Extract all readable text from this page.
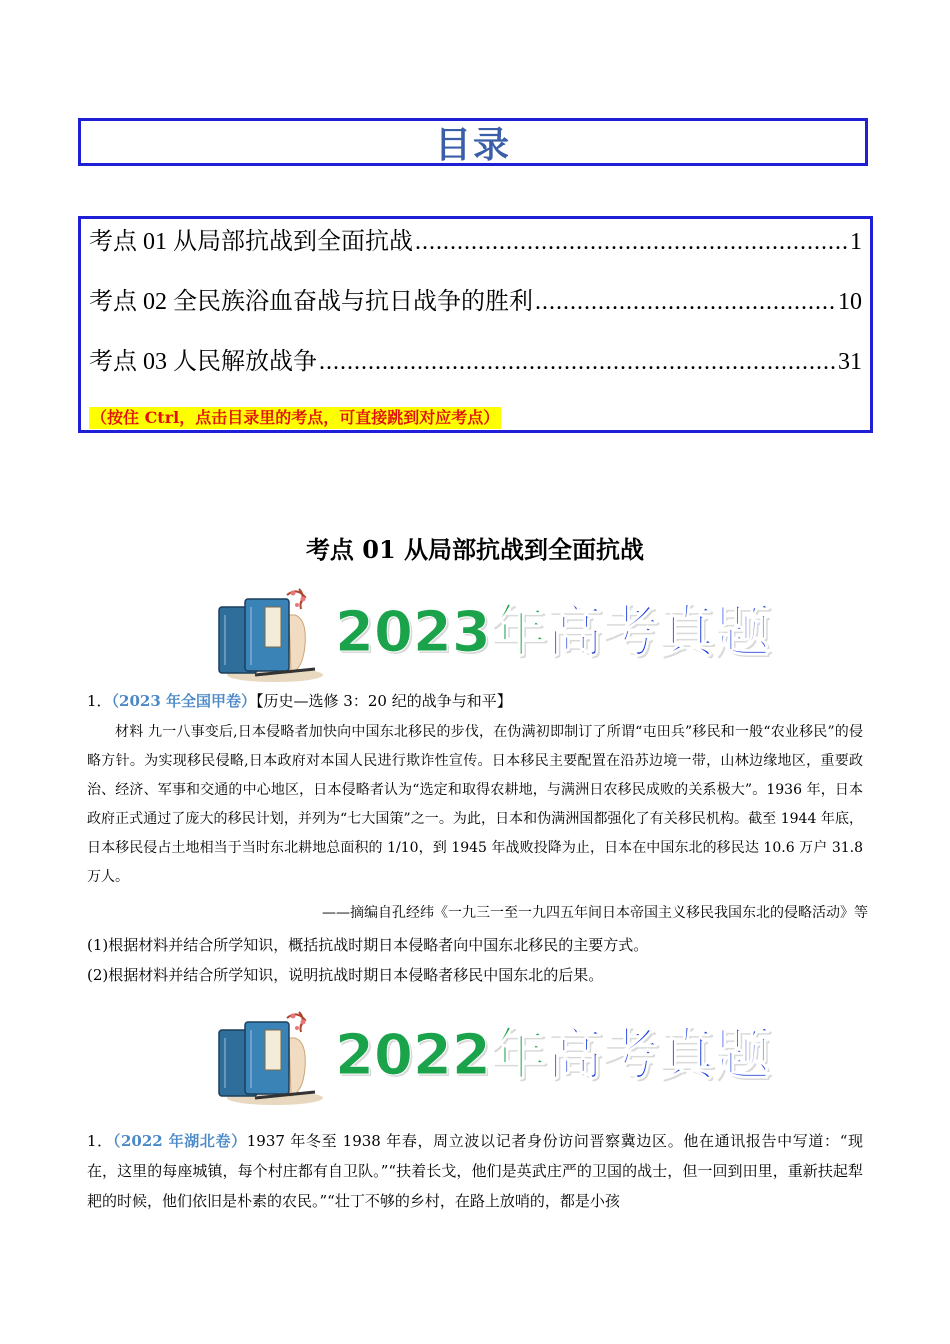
目录
考点 01 从局部抗战到全面抗战 .....	1
考点 02 全民族浴血奋战与抗日战争的胜利 .....	10
考点 03 人民解放战争 .....	31
（按住 Ctrl，点击目录里的考点，可直接跳到对应考点）
考点 01 从局部抗战到全面抗战
2023年高考真题
1．（2023 年全国甲卷）【历史—选修 3：20 纪的战争与和平】
材料 九一八事变后,日本侵略者加快向中国东北移民的步伐，在伪满初即制订了所谓“屯田兵”移民和一般“农业移民”的侵略方针。为实现移民侵略,日本政府对本国人民进行欺诈性宣传。日本移民主要配置在沿苏边境一带，山林边缘地区，重要政治、经济、军事和交通的中心地区，日本侵略者认为“选定和取得农耕地，与满洲日农移民成败的关系极大”。1936 年，日本政府正式通过了庞大的移民计划，并列为“七大国策”之一。为此，日本和伪满洲国都强化了有关移民机构。截至 1944 年底，日本移民侵占土地相当于当时东北耕地总面积的 1/10，到 1945 年战败投降为止，日本在中国东北的移民达 10.6 万户 31.8 万人。
——摘编自孔经纬《一九三一至一九四五年间日本帝国主义移民我国东北的侵略活动》等
(1)根据材料并结合所学知识，概括抗战时期日本侵略者向中国东北移民的主要方式。
(2)根据材料并结合所学知识，说明抗战时期日本侵略者移民中国东北的后果。
2022年高考真题
1．（2022 年湖北卷）1937 年冬至 1938 年春，周立波以记者身份访问晋察冀边区。他在通讯报告中写道：“现在，这里的每座城镇，每个村庄都有自卫队。”“扶着长戈，他们是英武庄严的卫国的战士，但一回到田里，重新扶起犁耙的时候，他们依旧是朴素的农民。”“壮丁不够的乡村，在路上放哨的，都是小孩
